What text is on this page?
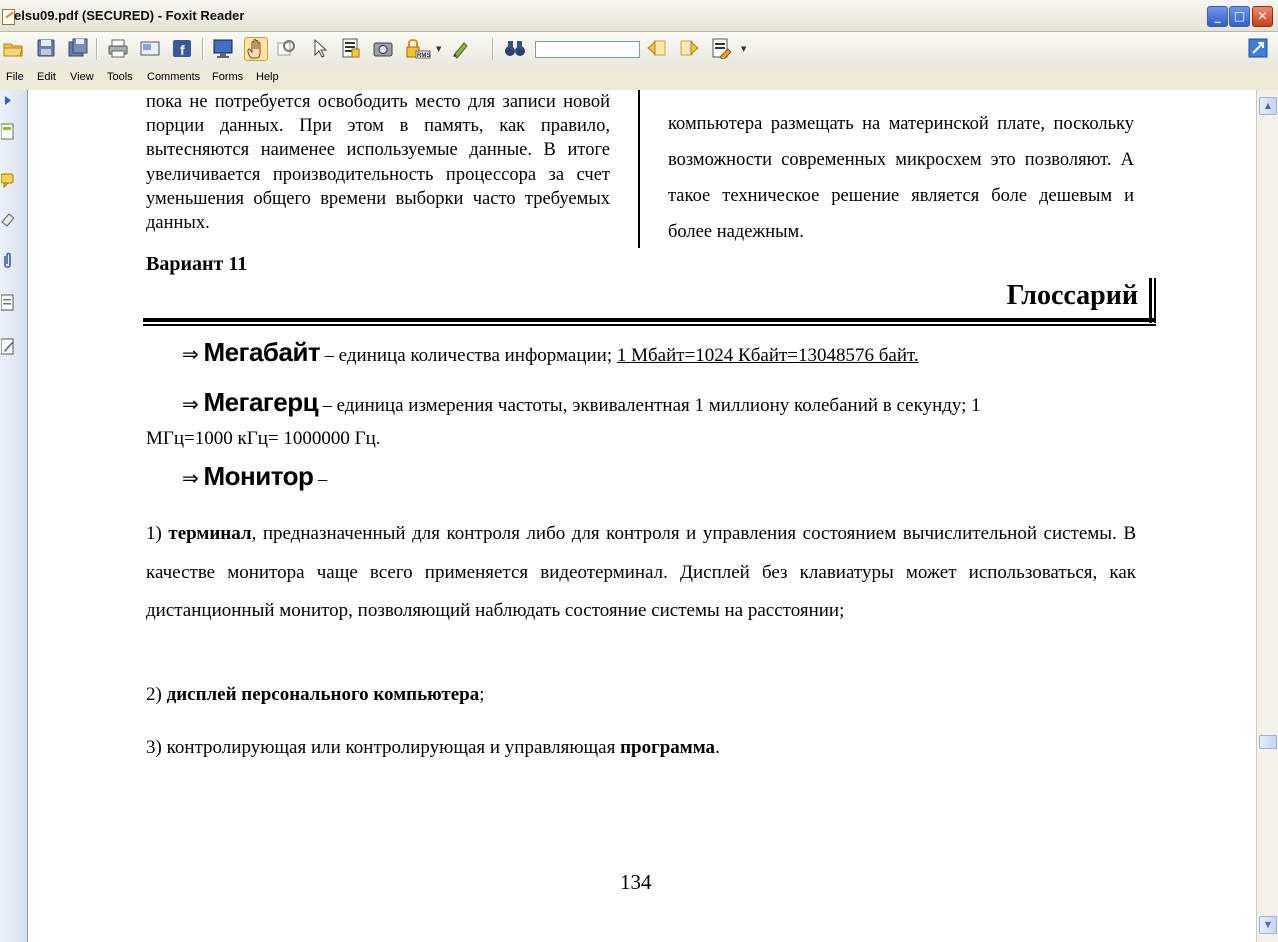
elsu09.pdf (SECURED) - Foxit Reader	_	□	✕
f	RMS
▼	▼
File Edit View Tools Comments Forms Help

пока не потребуется освободить место для записи новой порции данных. При этом в память, как правило, вытесняются наименее используемые данные. В итоге увеличивается производительность процессора за счет уменьшения общего времени выборки часто требуемых данных.

компьютера размещать на материнской плате, поскольку возможности современных микросхем это позволяют. А такое техническое решение является боле дешевым и более надежным.

Вариант 11
Глоссарий
⇒ Мегабайт – единица количества информации; 1 Мбайт=1024 Кбайт=13048576 байт.
⇒ Мегагерц – единица измерения частоты, эквивалентная 1 миллиону колебаний в секунду; 1
МГц=1000 кГц= 1000000 Гц.
⇒ Монитор –

1) терминал, предназначенный для контроля либо для контроля и управления состоянием вычислительной системы. В качестве монитора чаще всего применяется видеотерминал. Дисплей без клавиатуры может использоваться, как дистанционный монитор, позволяющий наблюдать состояние системы на расстоянии;

2) дисплей персонального компьютера;

3) контролирующая или контролирующая и управляющая программа.

134
▲
▼
